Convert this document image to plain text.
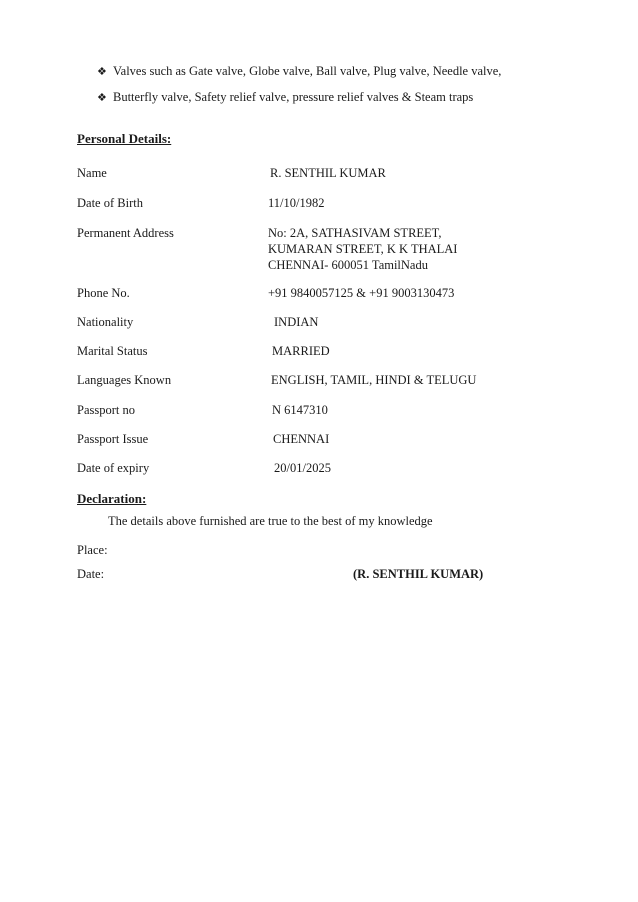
❖ Valves such as Gate valve, Globe valve, Ball valve, Plug valve, Needle valve,
❖ Butterfly valve, Safety relief valve, pressure relief valves & Steam traps
Personal Details:
Name	R. SENTHIL KUMAR
Date of Birth	11/10/1982
Permanent Address	No: 2A, SATHASIVAM STREET,
KUMARAN STREET, K K THALAI
CHENNAI- 600051 TamilNadu
Phone No.	+91 9840057125 & +91 9003130473
Nationality	INDIAN
Marital Status	MARRIED
Languages Known	ENGLISH, TAMIL, HINDI & TELUGU
Passport no	N 6147310
Passport Issue	CHENNAI
Date of expiry	20/01/2025
Declaration:
The details above furnished are true to the best of my knowledge
Place:
Date:	(R. SENTHIL KUMAR)
